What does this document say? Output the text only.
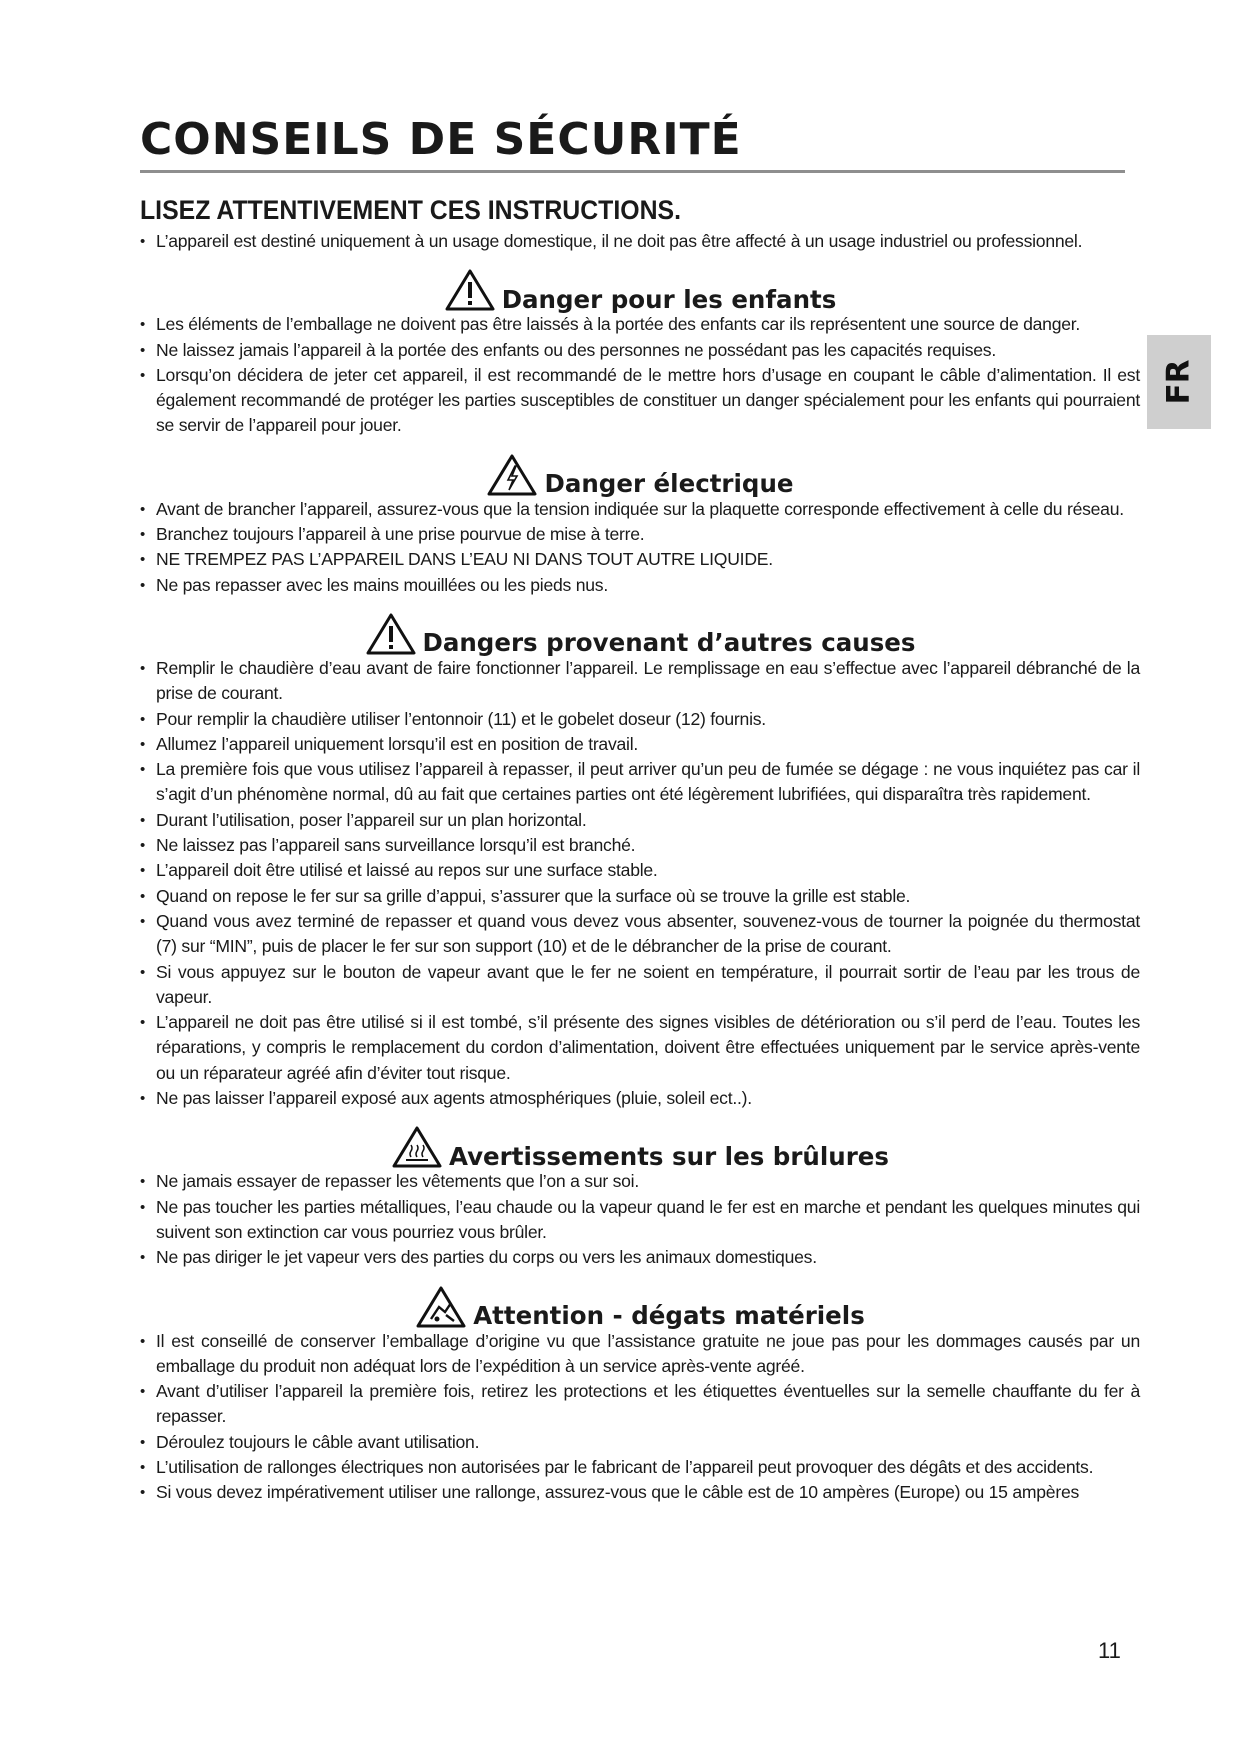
CONSEILS DE SÉCURITÉ
LISEZ ATTENTIVEMENT CES INSTRUCTIONS.
• L’appareil est destiné uniquement à un usage domestique, il ne doit pas être affecté à un usage industriel ou professionnel.
Danger pour les enfants
• Les éléments de l’emballage ne doivent pas être laissés à la portée des enfants car ils représentent une source de danger.
• Ne laissez jamais l’appareil à la portée des enfants ou des personnes ne possédant pas les capacités requises.
• Lorsqu’on décidera de jeter cet appareil, il est recommandé de le mettre hors d’usage en coupant le câble d’alimentation. Il est également recommandé de protéger les parties susceptibles de constituer un danger spécialement pour les enfants qui pourraient se servir de l’appareil pour jouer.
Danger électrique
• Avant de brancher l’appareil, assurez-vous que la tension indiquée sur la plaquette corresponde effectivement à celle du réseau.
• Branchez toujours l’appareil à une prise pourvue de mise à terre.
• NE TREMPEZ PAS L’APPAREIL DANS L’EAU NI DANS TOUT AUTRE LIQUIDE.
• Ne pas repasser avec les mains mouillées ou les pieds nus.
Dangers provenant d’autres causes
• Remplir le chaudière d’eau avant de faire fonctionner l’appareil. Le remplissage en eau s’effectue avec l’appareil débranché de la prise de courant.
• Pour remplir la chaudière utiliser l’entonnoir (11) et le gobelet doseur (12) fournis.
• Allumez l’appareil uniquement lorsqu’il est en position de travail.
• La première fois que vous utilisez l’appareil à repasser, il peut arriver qu’un peu de fumée se dégage : ne vous inquiétez pas car il s’agit d’un phénomène normal, dû au fait que certaines parties ont été légèrement lubrifiées, qui disparaîtra très rapidement.
• Durant l’utilisation, poser l’appareil sur un plan horizontal.
• Ne laissez pas l’appareil sans surveillance lorsqu’il est branché.
• L’appareil doit être utilisé et laissé au repos sur une surface stable.
• Quand on repose le fer sur sa grille d’appui, s’assurer que la surface où se trouve la grille est stable.
• Quand vous avez terminé de repasser et quand vous devez vous absenter, souvenez-vous de tourner la poignée du thermostat (7) sur “MIN”, puis de placer le fer sur son support (10) et de le débrancher de la prise de courant.
• Si vous appuyez sur le bouton de vapeur avant que le fer ne soient en température, il pourrait sortir de l’eau par les trous de vapeur.
• L’appareil ne doit pas être utilisé si il est tombé, s’il présente des signes visibles de détérioration ou s’il perd de l’eau. Toutes les réparations, y compris le remplacement du cordon d’alimentation, doivent être effectuées uniquement par le service après-vente ou un réparateur agréé afin d’éviter tout risque.
• Ne pas laisser l’appareil exposé aux agents atmosphériques (pluie, soleil ect..).
Avertissements sur les brûlures
• Ne jamais essayer de repasser les vêtements que l’on a sur soi.
• Ne pas toucher les parties métalliques, l’eau chaude ou la vapeur quand le fer est en marche et pendant les quelques minutes qui suivent son extinction car vous pourriez vous brûler.
• Ne pas diriger le jet vapeur vers des parties du corps ou vers les animaux domestiques.
Attention - dégats matériels
• Il est conseillé de conserver l’emballage d’origine vu que l’assistance gratuite ne joue pas pour les dommages causés par un emballage du produit non adéquat lors de l’expédition à un service après-vente agréé.
• Avant d’utiliser l’appareil la première fois, retirez les protections et les étiquettes éventuelles sur la semelle chauffante du fer à repasser.
• Déroulez toujours le câble avant utilisation.
• L’utilisation de rallonges électriques non autorisées par le fabricant de l’appareil peut provoquer des dégâts et des accidents.
• Si vous devez impérativement utiliser une rallonge, assurez-vous que le câble est de 10 ampères (Europe) ou 15 ampères
FR
11
